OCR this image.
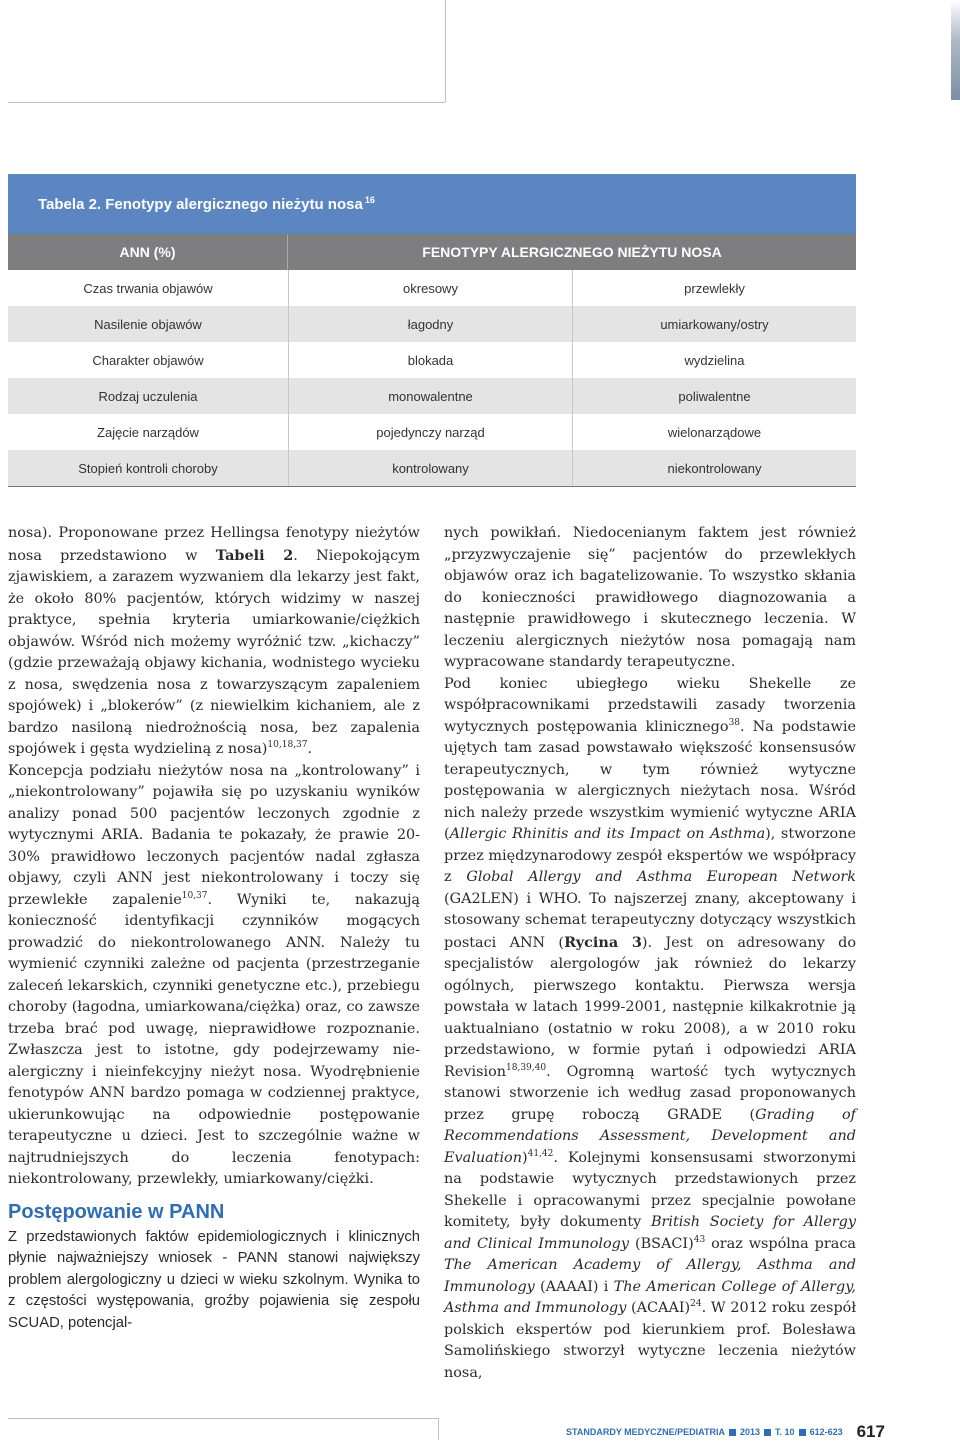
Tabela 2. Fenotypy alergicznego nieżytu nosa$^{16}$
ANN (%)	FENOTYPY ALERGICZNEGO NIEŻYTU NOSA
Czas trwania objawów	okresowy	przewlekły
Nasilenie objawów	łagodny	umiarkowany/ostry
Charakter objawów	blokada	wydzielina
Rodzaj uczulenia	monowalentne	poliwalentne
Zajęcie narządów	pojedynczy narząd	wielonarządowe
Stopień kontroli choroby	kontrolowany	niekontrolowany

nosa). Proponowane przez Hellingsa fenotypy nieżytów nosa przedstawiono w Tabeli 2. Niepokojącym zjawiskiem, a zarazem wyzwaniem dla lekarzy jest fakt, że około 80% pacjentów, których widzimy w naszej praktyce, spełnia kryteria umiarkowanie/ciężkich objawów. Wśród nich możemy wyróżnić tzw. „kichaczy” (gdzie przeważają objawy kichania, wodnistego wycieku z nosa, swędzenia nosa z towarzyszącym zapaleniem spojówek) i „blokerów” (z niewielkim kichaniem, ale z bardzo nasiloną niedrożnością nosa, bez zapalenia spojówek i gęsta wydzieliną z nosa)$^{10,18,37}$.

Koncepcja podziału nieżytów nosa na „kontrolowany” i „niekontrolowany” pojawiła się po uzyskaniu wyników analizy ponad 500 pacjentów leczonych zgodnie z wytycznymi ARIA. Badania te pokazały, że prawie 20-30% prawidłowo leczonych pacjentów nadal zgłasza objawy, czyli ANN jest niekontrolowany i toczy się przewlekłe zapalenie$^{10,37}$. Wyniki te, nakazują konieczność identyfikacji czynników mogących prowadzić do niekontrolowanego ANN. Należy tu wymienić czynniki zależne od pacjenta (przestrzeganie zaleceń lekarskich, czynniki genetyczne etc.), przebiegu choroby (łagodna, umiarkowana/ciężka) oraz, co zawsze trzeba brać pod uwagę, nieprawidłowe rozpoznanie. Zwłaszcza jest to istotne, gdy podejrzewamy niealergiczny i nieinfekcyjny nieżyt nosa. Wyodrębnienie fenotypów ANN bardzo pomaga w codziennej praktyce, ukierunkowując na odpowiednie postępowanie terapeutyczne u dzieci. Jest to szczególnie ważne w najtrudniejszych do leczenia fenotypach: niekontrolowany, przewlekły, umiarkowany/ciężki.

Postępowanie w PANN

Z przedstawionych faktów epidemiologicznych i klinicznych płynie najważniejszy wniosek - PANN stanowi największy problem alergologiczny u dzieci w wieku szkolnym. Wynika to z częstości występowania, groźby pojawienia się zespołu SCUAD, potencjal-

nych powikłań. Niedocenianym faktem jest również „przyzwyczajenie się” pacjentów do przewlekłych objawów oraz ich bagatelizowanie. To wszystko skłania do konieczności prawidłowego diagnozowania a następnie prawidłowego i skutecznego leczenia. W leczeniu alergicznych nieżytów nosa pomagają nam wypracowane standardy terapeutyczne.

Pod koniec ubiegłego wieku Shekelle ze współpracownikami przedstawili zasady tworzenia wytycznych postępowania klinicznego$^{38}$. Na podstawie ujętych tam zasad powstawało większość konsensusów terapeutycznych, w tym również wytyczne postępowania w alergicznych nieżytach nosa. Wśród nich należy przede wszystkim wymienić wytyczne ARIA (Allergic Rhinitis and its Impact on Asthma), stworzone przez międzynarodowy zespół ekspertów we współpracy z Global Allergy and Asthma European Network (GA2LEN) i WHO. To najszerzej znany, akceptowany i stosowany schemat terapeutyczny dotyczący wszystkich postaci ANN (Rycina 3). Jest on adresowany do specjalistów alergologów jak również do lekarzy ogólnych, pierwszego kontaktu. Pierwsza wersja powstała w latach 1999-2001, następnie kilkakrotnie ją uaktualniano (ostatnio w roku 2008), a w 2010 roku przedstawiono, w formie pytań i odpowiedzi ARIA Revision$^{18,39,40}$. Ogromną wartość tych wytycznych stanowi stworzenie ich według zasad proponowanych przez grupę roboczą GRADE (Grading of Recommendations Assessment, Development and Evaluation)$^{41,42}$. Kolejnymi konsensusami stworzonymi na podstawie wytycznych przedstawionych przez Shekelle i opracowanymi przez specjalnie powołane komitety, były dokumenty British Society for Allergy and Clinical Immunology (BSACI)$^{43}$ oraz wspólna praca The American Academy of Allergy, Asthma and Immunology (AAAAI) i The American College of Allergy, Asthma and Immunology (ACAAI)$^{24}$. W 2012 roku zespół polskich ekspertów pod kierunkiem prof. Bolesława Samolińskiego stworzył wytyczne leczenia nieżytów nosa,

STANDARDY MEDYCZNE/PEDIATRIA 2013 T. 10 612-623 617
